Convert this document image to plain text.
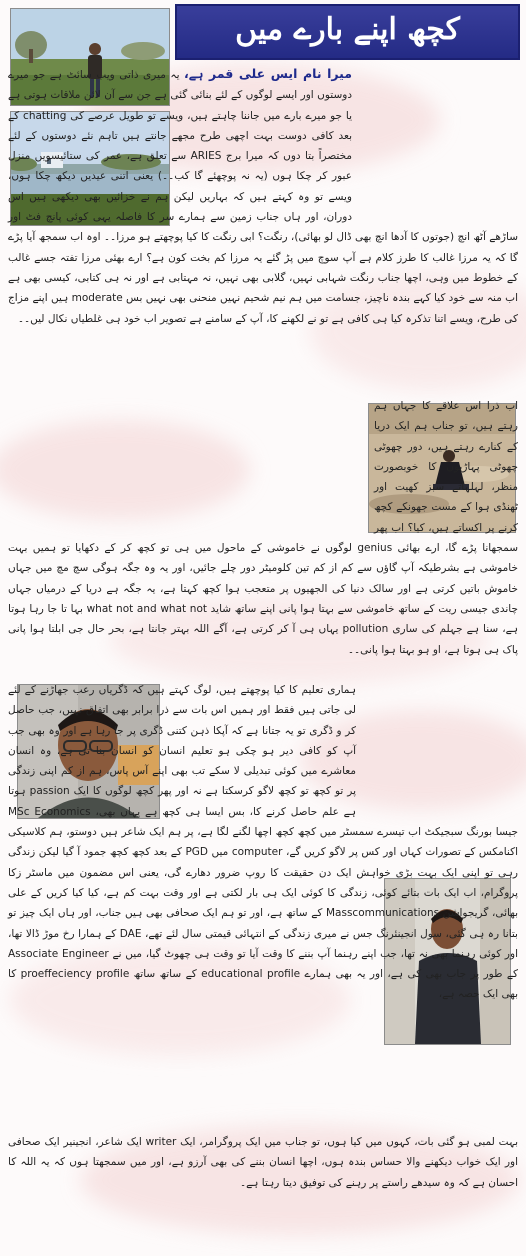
کچھ اپنے بارے میں

میرا نام ایس علی قمر ہے، یہ میری ذاتی ویب سائٹ ہے جو میرے دوستوں اور ایسے لوگوں کے لئے بنائی گئی ہے جن سے آن لائن ملاقات ہوتی ہے یا جو میرے بارے میں جاننا چاہتے ہیں، ویسے تو طویل عرصے کی chatting کے بعد کافی دوست بہت اچھی طرح مجھے جانتے ہیں تاہم نئے دوستوں کے لئے مختصراً بتا دوں کہ میرا برج ARIES سے تعلق ہے، عمر کی ستائیسویں منزل عبور کر چکا ہوں (یہ نہ پوچھئے گا کب۔۔) یعنی اتنی عیدیں دیکھ چکا ہوں، ویسے تو وہ کہتے ہیں کہ بہاریں لیکن ہم نے خزائیں بھی دیکھی ہیں اس دوران، اور ہاں جناب زمین سے ہمارے سر کا فاصلہ یہی کوئی پانچ فٹ اور ساڑھے آٹھ انچ (جوتوں کا آدھا انچ بھی ڈال لو بھائی)، رنگت؟ ابی رنگت کا کیا پوچھتے ہو مرزا۔۔ اوہ اب سمجھ آیا پڑے گا کہ یہ مرزا غالب کا طرز کلام ہے آپ سوچ میں پڑ گئے یہ مرزا کم بخت کون ہے؟ ارے بھئی مرزا تفتہ جسے غالب کے خطوط میں وہی، اچھا جناب رنگت شہابی نہیں، گلابی بھی نہیں، نہ مہتابی ہے اور نہ ہی کتابی، کیسی بھی ہے اب منہ سے خود کیا کہے بندہ ناچیز، جسامت میں ہم نیم شحیم نہیں منحنی بھی نہیں بس moderate ہیں اپنے مزاج کی طرح، ویسے اتنا تذکرہ کیا ہی کافی ہے تو نے لکھنے کا، آپ کے سامنے ہے تصویر اب خود ہی غلطیاں نکال لیں۔۔

اب ذرا اس علاقے کا جہاں ہم رہتے ہیں، تو جناب ہم ایک دریا کے کنارے رہتے ہیں، دور چھوٹی چھوٹی پہاڑیوں کا خوبصورت منظر، لہلہاتے سبز کھیت اور ٹھنڈی ہوا کے مست جھونکے کچھ کرنے پر اکساتے ہیں، کیا؟ اب پھر سمجھانا پڑے گا، ارے بھائی genius لوگوں نے خاموشی کے ماحول میں ہی تو کچھ کر کے دکھایا تو ہمیں بہت خاموشی ہے بشرطیکہ آپ گاؤں سے کم از کم تین کلومیٹر دور چلے جائیں، اور یہ وہ جگہ ہوگی سچ مچ میں جہاں خاموش باتیں کرتی ہے اور سالک دنیا کی الجھیوں پر متعجب ہوا کچھ کہتا ہے، یہ جگہ ہے دریا کے درمیاں جہاں چاندی جیسی ریت کے ساتھ خاموشی سے بہتا ہوا پانی اپنے ساتھ شاید what not and what not بہا تا جا رہا ہوتا ہے، سنا ہے جہلم کی ساری pollution یہاں ہی آ کر کرتی ہے، آگے اللہ بہتر جانتا ہے، بحر حال جی ابلتا ہوا پانی پاک ہی ہوتا ہے، او ہو بہتا ہوا پانی۔۔

ہماری تعلیم کا کیا پوچھتے ہیں، لوگ کہتے ہیں کہ ڈگریاں رعب جھاڑنے کے لئے لی جاتی ہیں فقط اور ہمیں اس بات سے ذرا برابر بھی اتفاق نہیں، جب حاصل کر و ڈگری تو یہ جتانا ہے کہ آپکا ذہن کتنی ڈگری پر جا رہا ہے اور وہ بھی جب آپ کو کافی دیر ہو چکی ہو تعلیم انسان کو انسان بنا تی ہے، وہ انسان معاشرے میں کوئی تبدیلی لا سکے تب بھی اپنے آس پاس، ہم از کم اپنی زندگی پر تو کچھ تو کچھ لاگو کرسکتا ہے نہ اور پھر کچھ لوگوں کا ایک passion ہوتا ہے علم حاصل کرنے کا، بس ایسا ہی کچھ ہے یہاں بھی، MSc Economics جیسا بورنگ سبجیکٹ اب تیسرے سمسٹر میں کچھ کچھ اچھا لگنے لگا ہے، پر ہم ایک شاعر ہیں دوستو، ہم کلاسیکی اکنامکس کے تصورات کہاں اور کس پر لاگو کریں گے، computer میں PGD کے بعد کچھ کچھ جمود آ گیا لیکن زندگی رہی تو اپنی ایک بہت بڑی خواہش ایک دن حقیقت کا روپ ضرور دھارے گی، یعنی اس مضمون میں ماسٹر زکا پروگرام، اب ایک بات بتائے کوئی، زندگی کا کوئی ایک ہی بار لکتی ہے اور وقت بہت کم ہے، کیا کیا کریں کے علی بھائی، گریجواشن Masscommunications کے ساتھ ہے، اور تو ہم ایک صحافی بھی ہیں جناب، اور ہاں ایک چیز تو بتانا رہ ہی گئی، سول انجینئرنگ جس نے میری زندگی کے انتہائی قیمتی سال لئے تھے، DAE کے ہمارا رخ موڑ ڈالا تھا، اور کوئی رہنما بھی نہ تھا، جب اپنے رہنما آپ بننے کا وقت آیا تو وقت ہی چھوٹ گیا، میں نے Associate Engineer کے طور پر جاب بھی کی ہے، اور یہ بھی ہمارے educational profile کے ساتھ ساتھ proeffeciency profile کا بھی ایک حصہ ہے،

بہت لمبی ہو گئی بات، کہوں میں کیا ہوں، تو جناب میں ایک پروگرامر، ایک writer ایک شاعر، انجینیر ایک صحافی اور ایک خواب دیکھنے والا حساس بندہ ہوں، اچھا انسان بننے کی بھی آرزو ہے، اور میں سمجھتا ہوں کہ یہ اللہ کا احسان ہے کہ وہ سیدھے راستے پر رہنے کی توفیق دیتا رہتا ہے۔
